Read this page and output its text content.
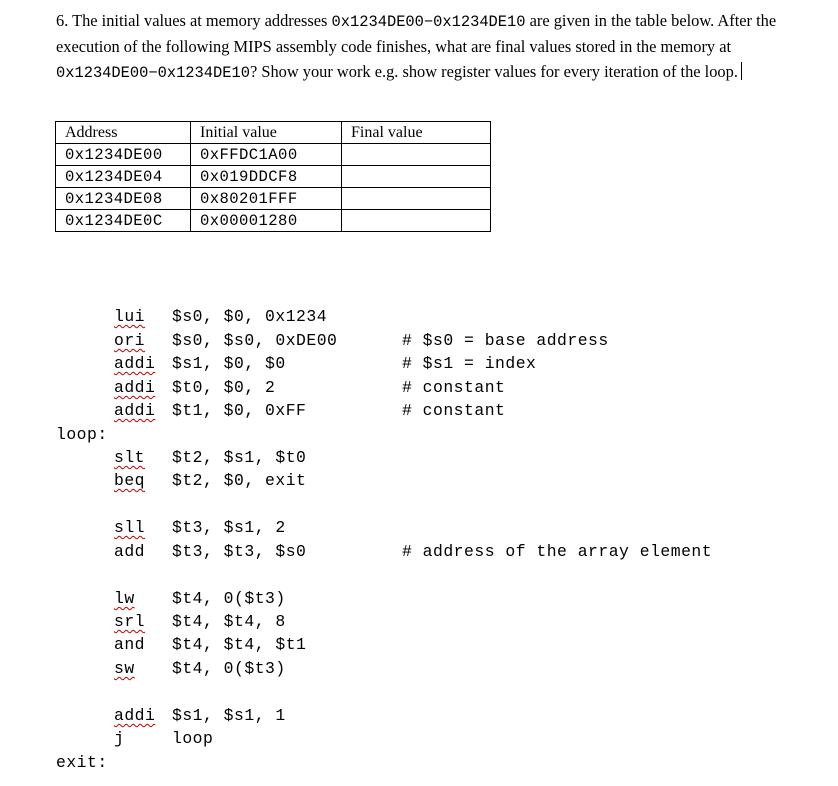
6. The initial values at memory addresses 0x1234DE00−0x1234DE10 are given in the table below. After the execution of the following MIPS assembly code finishes, what are final values stored in the memory at 0x1234DE00−0x1234DE10? Show your work e.g. show register values for every iteration of the loop.
Address	Initial value	Final value
0x1234DE00	0xFFDC1A00	
0x1234DE04	0x019DDCF8	
0x1234DE08	0x80201FFF	
0x1234DE0C	0x00001280	
lui $s0, $0, 0x1234
ori $s0, $s0, 0xDE00	# $s0 = base address
addi $s1, $0, $0	# $s1 = index
addi $t0, $0, 2	# constant
addi $t1, $0, 0xFF	# constant
loop:
slt $t2, $s1, $t0
beq $t2, $0, exit
sll $t3, $s1, 2
add $t3, $t3, $s0	# address of the array element
lw $t4, 0($t3)
srl $t4, $t4, 8
and $t4, $t4, $t1
sw $t4, 0($t3)
addi $s1, $s1, 1
j	loop
exit:
